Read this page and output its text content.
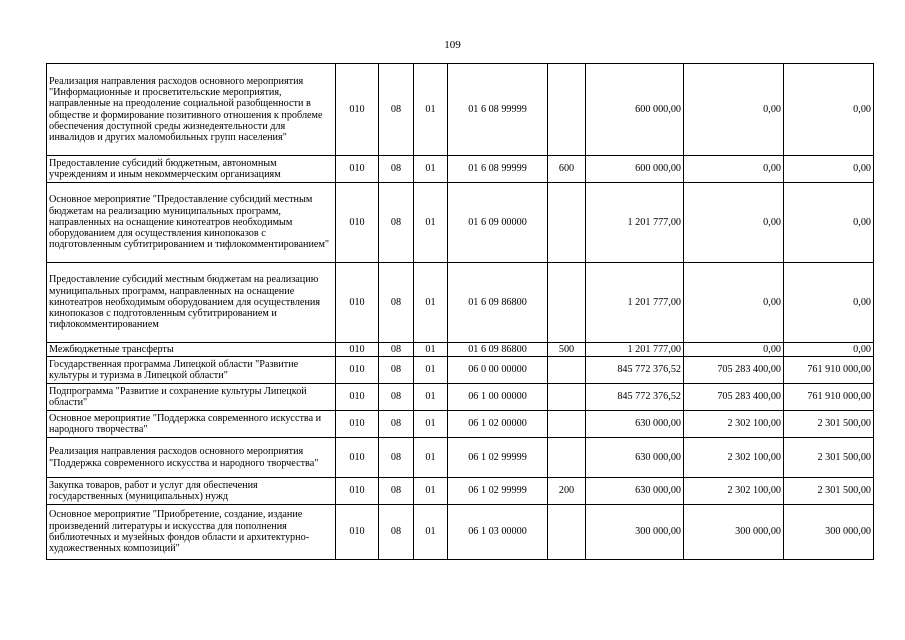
109
Реализация направления расходов основного мероприятия "Информационные и просветительские мероприятия, направленные на преодоление социальной разобщенности в обществе и формирование позитивного отношения к проблеме обеспечения доступной среды жизнедеятельности для инвалидов и других маломобильных групп населения"	010	08	01	01 6 08 99999		600 000,00	0,00	0,00
Предоставление субсидий бюджетным, автономным учреждениям и иным некоммерческим организациям	010	08	01	01 6 08 99999	600	600 000,00	0,00	0,00
Основное мероприятие "Предоставление субсидий местным бюджетам на реализацию муниципальных программ, направленных на оснащение кинотеатров необходимым оборудованием для осуществления кинопоказов с подготовленным субтитрированием и тифлокомментированием"	010	08	01	01 6 09 00000		1 201 777,00	0,00	0,00
Предоставление субсидий местным бюджетам на реализацию муниципальных программ, направленных на оснащение кинотеатров необходимым оборудованием для осуществления кинопоказов с подготовленным субтитрированием и тифлокомментированием	010	08	01	01 6 09 86800		1 201 777,00	0,00	0,00
Межбюджетные трансферты	010	08	01	01 6 09 86800	500	1 201 777,00	0,00	0,00
Государственная программа Липецкой области "Развитие культуры и туризма в Липецкой области"	010	08	01	06 0 00 00000		845 772 376,52	705 283 400,00	761 910 000,00
Подпрограмма "Развитие и сохранение культуры Липецкой области"	010	08	01	06 1 00 00000		845 772 376,52	705 283 400,00	761 910 000,00
Основное мероприятие "Поддержка современного искусства и народного творчества"	010	08	01	06 1 02 00000		630 000,00	2 302 100,00	2 301 500,00
Реализация направления расходов основного мероприятия "Поддержка современного искусства и народного творчества"	010	08	01	06 1 02 99999		630 000,00	2 302 100,00	2 301 500,00
Закупка товаров, работ и услуг для обеспечения государственных (муниципальных) нужд	010	08	01	06 1 02 99999	200	630 000,00	2 302 100,00	2 301 500,00
Основное мероприятие "Приобретение, создание, издание произведений литературы и искусства для пополнения библиотечных и музейных фондов области и архитектурно-художественных композиций"	010	08	01	06 1 03 00000		300 000,00	300 000,00	300 000,00
